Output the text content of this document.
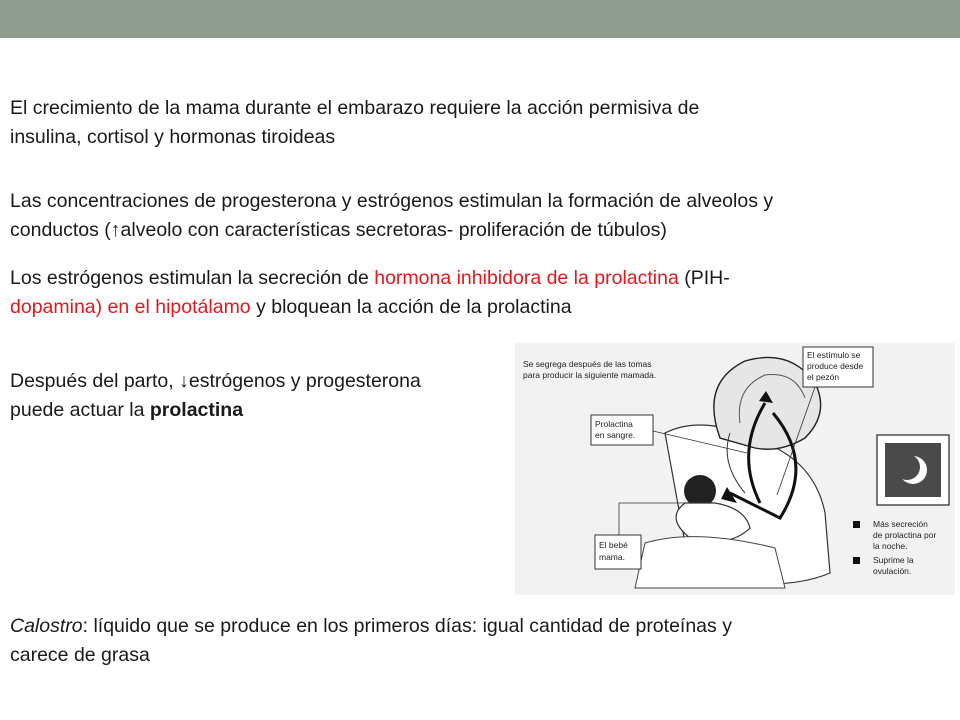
El crecimiento de la mama durante el embarazo requiere la acción permisiva de
insulina, cortisol y hormonas tiroideas

Las concentraciones de progesterona y estrógenos estimulan la formación de alveolos y
conductos (↑alveolo con características secretoras- proliferación de túbulos)

Los estrógenos estimulan la secreción de hormona inhibidora de la prolactina (PIH-
dopamina) en el hipotálamo y bloquean la acción de la prolactina

Después del parto, ↓estrógenos y progesterona
puede actuar la prolactina

Calostro: líquido que se produce en los primeros días: igual cantidad de proteínas y
carece de grasa

Se segrega después de las tomas
para producir la siguiente mamada.
El estímulo se
produce desde
el pezón
Prolactina
en sangre.
El bebé
mama.
Más secreción
de prolactina por
la noche.
Suprime la
ovulación.
